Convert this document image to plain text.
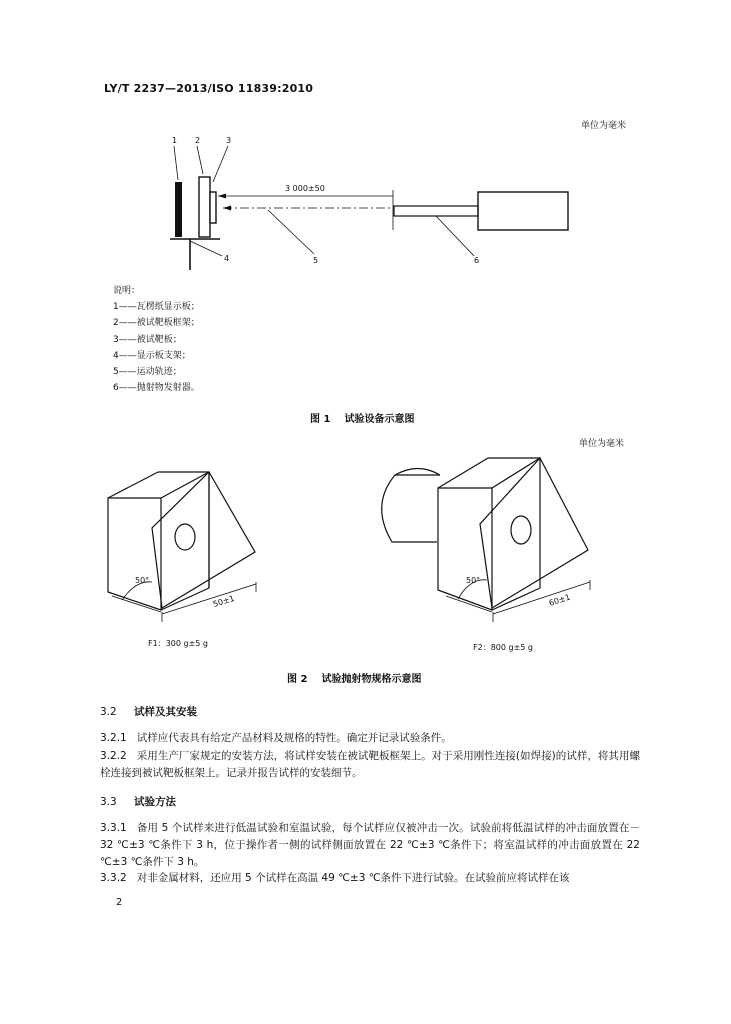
LY/T 2237—2013/ISO 11839:2010
单位为毫米
1 2	3
4
3 000±50
5	6
50°
50±1
50°
60±1
说明：
1——瓦楞纸显示板；
2——被试靶板框架；
3——被试靶板；
4——显示板支架；
5——运动轨迹；
6——抛射物发射器。
图 1 试验设备示意图
单位为毫米
F1：300 g±5 g	F2：800 g±5 g
图 2 试验抛射物规格示意图
3.2 试样及其安装
3.2.1 试样应代表具有给定产品材料及规格的特性。确定并记录试验条件。
3.2.2 采用生产厂家规定的安装方法，将试样安装在被试靶板框架上。对于采用刚性连接(如焊接)的试样，将其用螺栓连接到被试靶板框架上。记录并报告试样的安装细节。
3.3 试验方法
3.3.1 备用 5 个试样来进行低温试验和室温试验，每个试样应仅被冲击一次。试验前将低温试样的冲击面放置在－32 ℃±3 ℃条件下 3 h，位于操作者一侧的试样侧面放置在 22 ℃±3 ℃条件下；将室温试样的冲击面放置在 22 ℃±3 ℃条件下 3 h。
3.3.2 对非金属材料，还应用 5 个试样在高温 49 ℃±3 ℃条件下进行试验。在试验前应将试样在该
2
